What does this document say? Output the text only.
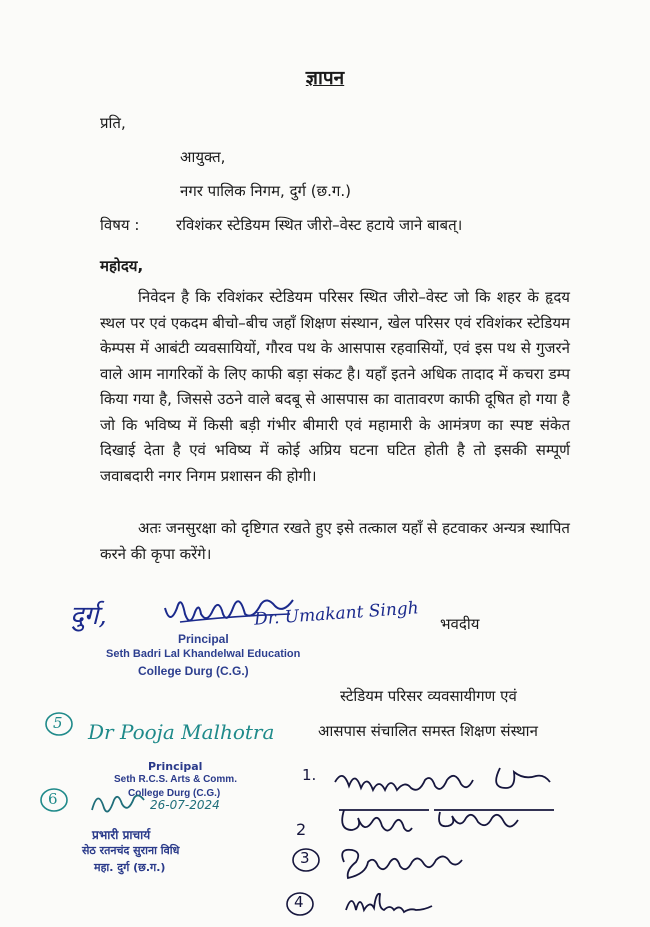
ज्ञापन
प्रति,
आयुक्त,
नगर पालिक निगम, दुर्ग (छ.ग.)
विषय : रविशंकर स्टेडियम स्थित जीरो–वेस्ट हटाये जाने बाबत्।
महोदय,
निवेदन है कि रविशंकर स्टेडियम परिसर स्थित जीरो–वेस्ट जो कि शहर के हृदय स्थल पर एवं एकदम बीचो–बीच जहाँ शिक्षण संस्थान, खेल परिसर एवं रविशंकर स्टेडियम केम्पस में आबंटी व्यवसायियों, गौरव पथ के आसपास रहवासियों, एवं इस पथ से गुजरने वाले आम नागरिकों के लिए काफी बड़ा संकट है। यहाँ इतने अधिक तादाद में कचरा डम्प किया गया है, जिससे उठने वाले बदबू से आसपास का वातावरण काफी दूषित हो गया है जो कि भविष्य में किसी बड़ी गंभीर बीमारी एवं महामारी के आमंत्रण का स्पष्ट संकेत दिखाई देता है एवं भविष्य में कोई अप्रिय घटना घटित होती है तो इसकी सम्पूर्ण जवाबदारी नगर निगम प्रशासन की होगी।
अतः जनसुरक्षा को दृष्टिगत रखते हुए इसे तत्काल यहाँ से हटवाकर अन्यत्र स्थापित करने की कृपा करेंगे।
दुर्ग,	Dr. Umakant Singh भवदीय
Principal
Seth Badri Lal Khandelwal Education
College Durg (C.G.)
स्टेडियम परिसर व्यवसायीगण एवं
आसपास संचालित समस्त शिक्षण संस्थान
5 Dr Pooja Malhotra
Principal
Seth R.C.S. Arts & Comm.
College Durg (C.G.)
6	26-07-2024
प्रभारी प्राचार्य
सेठ रतनचंद सुराना विधि
महा. दुर्ग (छ.ग.)
1.
2
3
4
